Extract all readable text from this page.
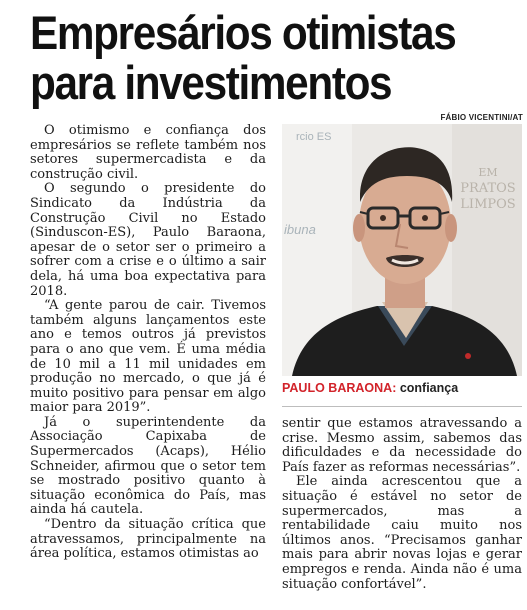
Empresários otimistas
para investimentos
FÁBIO VICENTINI/AT

O otimismo e confiança dos empresários se reflete também nos setores supermercadista e da construção civil.

O segundo o presidente do Sindicato da Indústria da Construção Civil no Estado (Sinduscon-ES), Paulo Baraona, apesar de o setor ser o primeiro a sofrer com a crise e o último a sair dela, há uma boa expectativa para 2018.

“A gente parou de cair. Tivemos também alguns lançamentos este ano e temos outros já previstos para o ano que vem. É uma média de 10 mil a 11 mil unidades em produção no mercado, o que já é muito positivo para pensar em algo maior para 2019”.

Já o superintendente da Associação Capixaba de Supermercados (Acaps), Hélio Schneider, afirmou que o setor tem se mostrado positivo quanto à situação econômica do País, mas ainda há cautela.

“Dentro da situação crítica que atravessamos, principalmente na área política, estamos otimistas ao

rcio ES
ibuna
EM
PRATOS
LIMPOS
PAULO BARAONA: confiança

sentir que estamos atravessando a crise. Mesmo assim, sabemos das dificuldades e da necessidade do País fazer as reformas necessárias”.

Ele ainda acrescentou que a situação é estável no setor de supermercados, mas a rentabilidade caiu muito nos últimos anos. “Precisamos ganhar mais para abrir novas lojas e gerar empregos e renda. Ainda não é uma situação confortável”.
